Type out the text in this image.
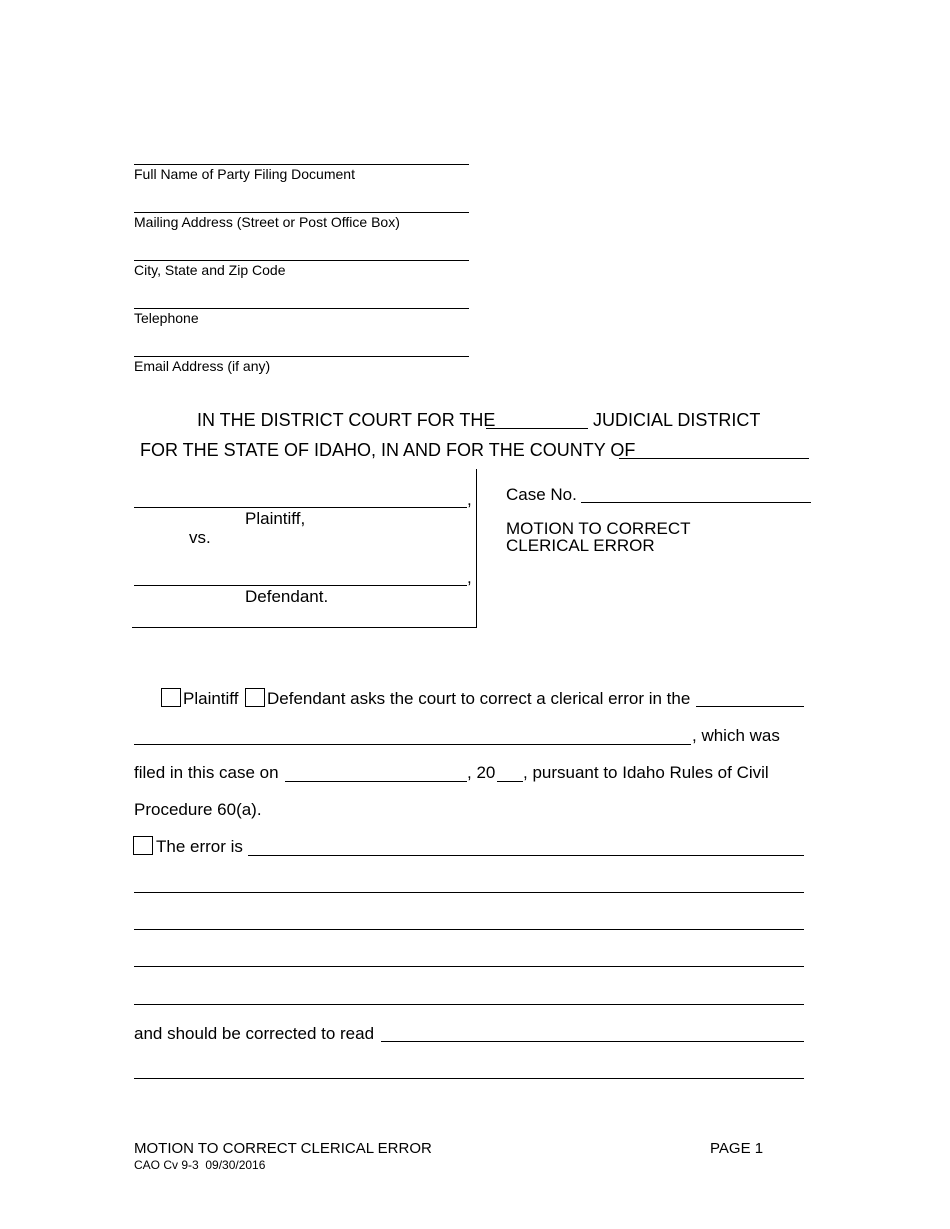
Full Name of Party Filing Document
Mailing Address (Street or Post Office Box)
City, State and Zip Code
Telephone
Email Address (if any)
IN THE DISTRICT COURT FOR THE	JUDICIAL DISTRICT
FOR THE STATE OF IDAHO, IN AND FOR THE COUNTY OF
,
Plaintiff,
vs.
,
Defendant.
Case No.
MOTION TO CORRECT
CLERICAL ERROR
Plaintiff Defendant asks the court to correct a clerical error in the
, which was
filed in this case on	, 20 , pursuant to Idaho Rules of Civil
Procedure 60(a).
The error is
and should be corrected to read
MOTION TO CORRECT CLERICAL ERROR	PAGE 1
CAO Cv 9-3  09/30/2016
